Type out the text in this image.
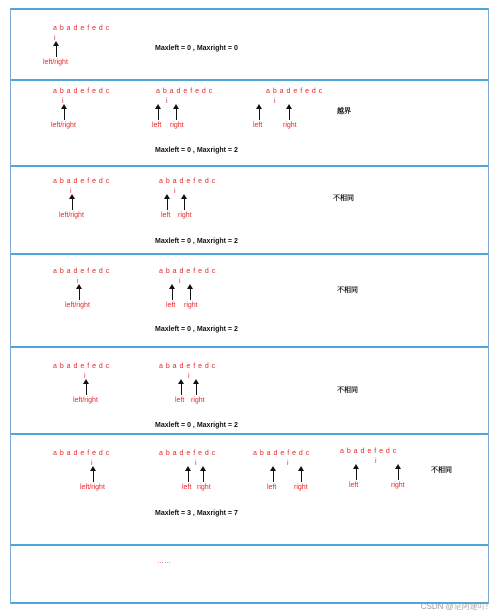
a b a d e f e d c
i
left/right
Maxleft = 0 , Maxright = 0
a b a d e f e d c
i
left/right
a b a d e f e d c
i
left right
a b a d e f e d c
i
left	right
越界
Maxleft = 0 , Maxright = 2
a b a d e f e d c
i
left/right
a b a d e f e d c
i
left right
不相同
Maxleft = 0 , Maxright = 2
a b a d e f e d c
i
left/right
a b a d e f e d c
i
left right
不相同
Maxleft = 0 , Maxright = 2
a b a d e f e d c
i
left/right
a b a d e f e d c
i
left right
不相同
Maxleft = 0 , Maxright = 2
a b a d e f e d c
i
left/right
a b a d e f e d c
i
left right
a b a d e f e d c
i
left	right
a b a d e f e d c
i
left	right
不相同
Maxleft = 3 , Maxright = 7
……
CSDN @是阿建吖!
